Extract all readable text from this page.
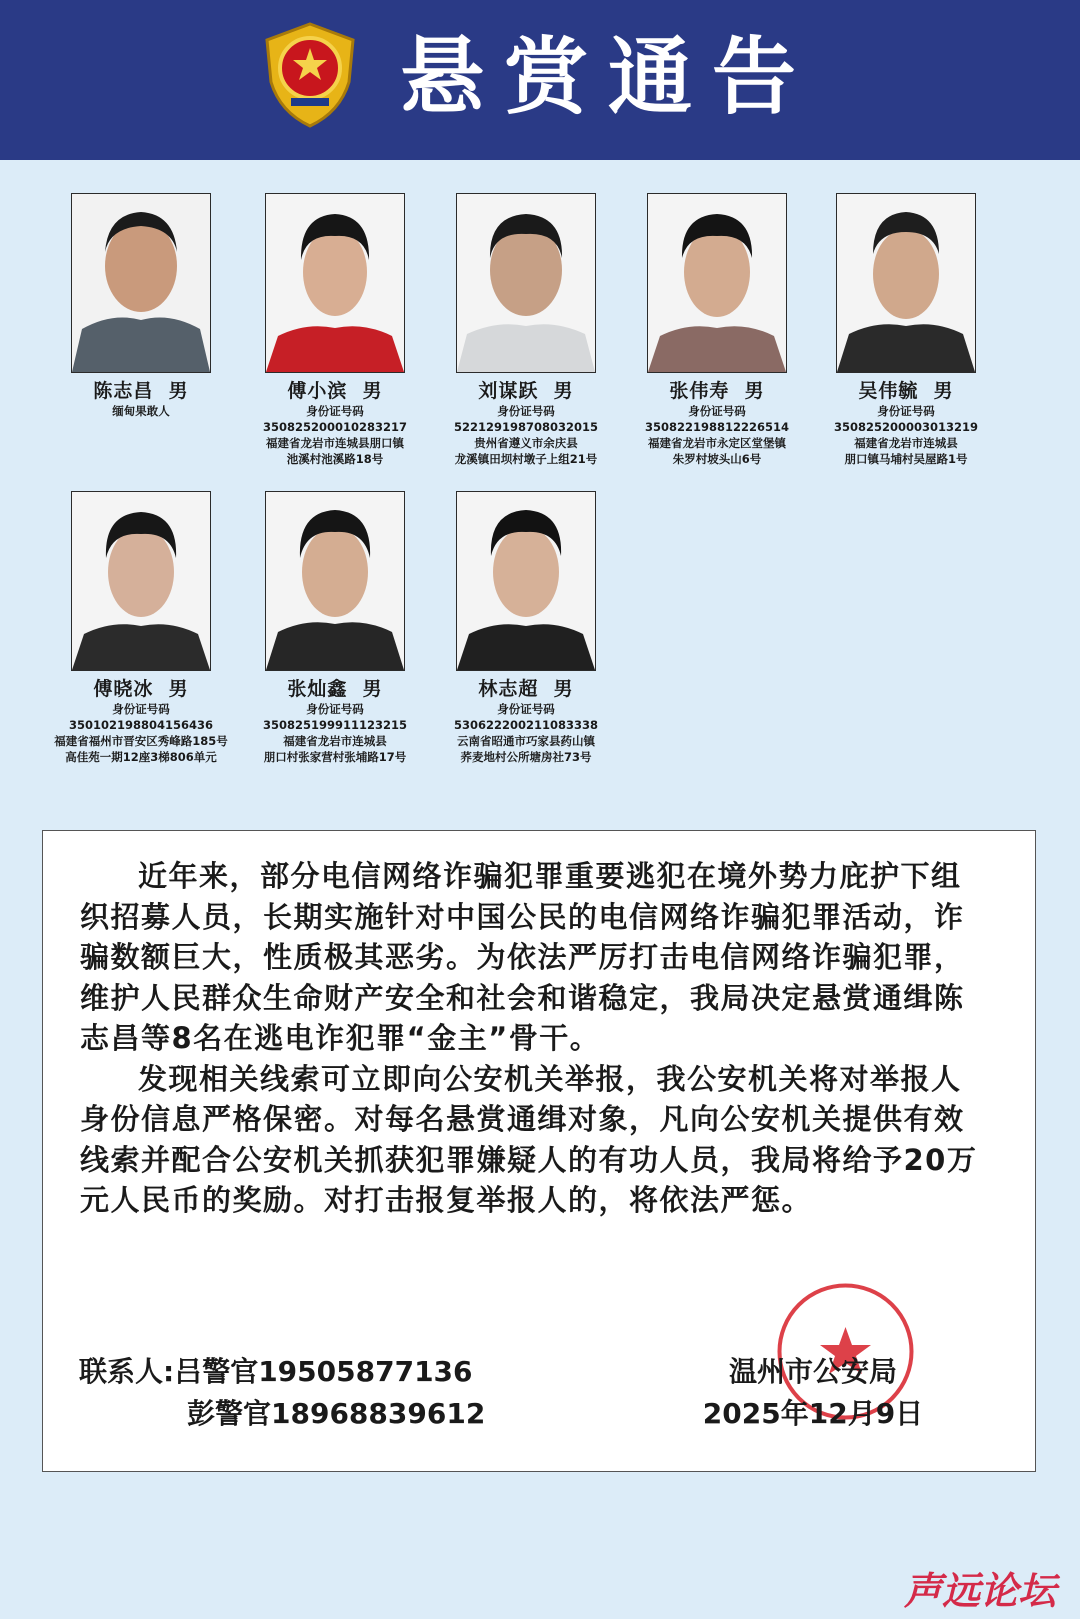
悬赏通告
陈志昌 男
缅甸果敢人
傅小滨 男
身份证号码
350825200010283217
福建省龙岩市连城县朋口镇
池溪村池溪路18号
刘谋跃 男
身份证号码
522129198708032015
贵州省遵义市余庆县
龙溪镇田坝村墩子上组21号
张伟寿 男
身份证号码
350822198812226514
福建省龙岩市永定区堂堡镇
朱罗村坡头山6号
吴伟毓 男
身份证号码
350825200003013219
福建省龙岩市连城县
朋口镇马埔村吴屋路1号
傅晓冰 男
身份证号码
350102198804156436
福建省福州市晋安区秀峰路185号
高佳苑一期12座3梯806单元
张灿鑫 男
身份证号码
350825199911123215
福建省龙岩市连城县
朋口村张家营村张埔路17号
林志超 男
身份证号码
530622200211083338
云南省昭通市巧家县药山镇
荞麦地村公所塘房社73号

近年来，部分电信网络诈骗犯罪重要逃犯在境外势力庇护下组织招募人员，长期实施针对中国公民的电信网络诈骗犯罪活动，诈骗数额巨大，性质极其恶劣。为依法严厉打击电信网络诈骗犯罪，维护人民群众生命财产安全和社会和谐稳定，我局决定悬赏通缉陈志昌等8名在逃电诈犯罪“金主”骨干。

发现相关线索可立即向公安机关举报，我公安机关将对举报人身份信息严格保密。对每名悬赏通缉对象，凡向公安机关提供有效线索并配合公安机关抓获犯罪嫌疑人的有功人员，我局将给予20万元人民币的奖励。对打击报复举报人的，将依法严惩。

联系人:吕警官19505877136
彭警官18968839612
温州市公安局
2025年12月9日
声远论坛
